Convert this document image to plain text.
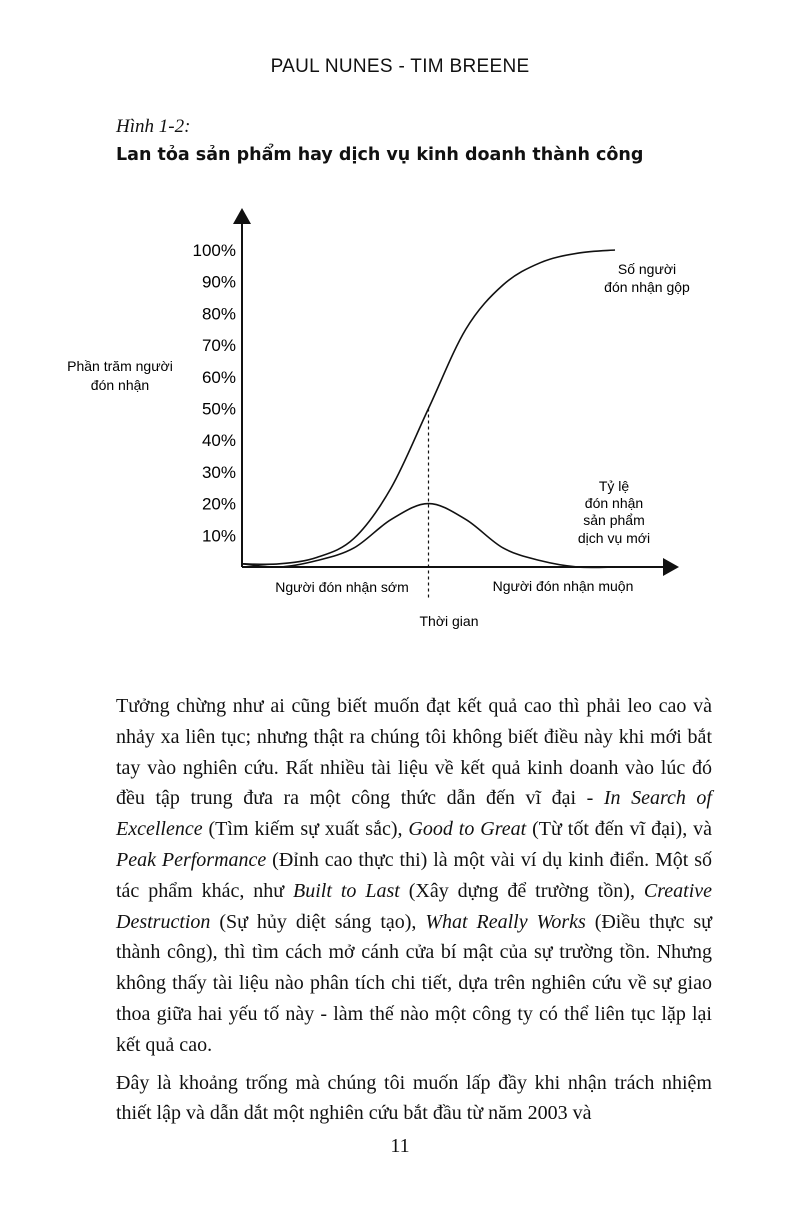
PAUL NUNES - TIM BREENE
Hình 1-2:
Lan tỏa sản phẩm hay dịch vụ kinh doanh thành công
10%
20%
30%
40%
50%
60%
70%
80%
90%
100%
Phần trăm người
đón nhận
Số người
đón nhận gộp
Tỷ lệ
đón nhận
sản phẩm
dịch vụ mới
Người đón nhận sớm	Người đón nhận muộn
Thời gian

Tưởng chừng như ai cũng biết muốn đạt kết quả cao thì phải leo cao và nhảy xa liên tục; nhưng thật ra chúng tôi không biết điều này khi mới bắt tay vào nghiên cứu. Rất nhiều tài liệu về kết quả kinh doanh vào lúc đó đều tập trung đưa ra một công thức dẫn đến vĩ đại - In Search of Excellence (Tìm kiếm sự xuất sắc), Good to Great (Từ tốt đến vĩ đại), và Peak Performance (Đỉnh cao thực thi) là một vài ví dụ kinh điển. Một số tác phẩm khác, như Built to Last (Xây dựng để trường tồn), Creative Destruction (Sự hủy diệt sáng tạo), What Really Works (Điều thực sự thành công), thì tìm cách mở cánh cửa bí mật của sự trường tồn. Nhưng không thấy tài liệu nào phân tích chi tiết, dựa trên nghiên cứu về sự giao thoa giữa hai yếu tố này - làm thế nào một công ty có thể liên tục lặp lại kết quả cao.

Đây là khoảng trống mà chúng tôi muốn lấp đầy khi nhận trách nhiệm thiết lập và dẫn dắt một nghiên cứu bắt đầu từ năm 2003 và

11
